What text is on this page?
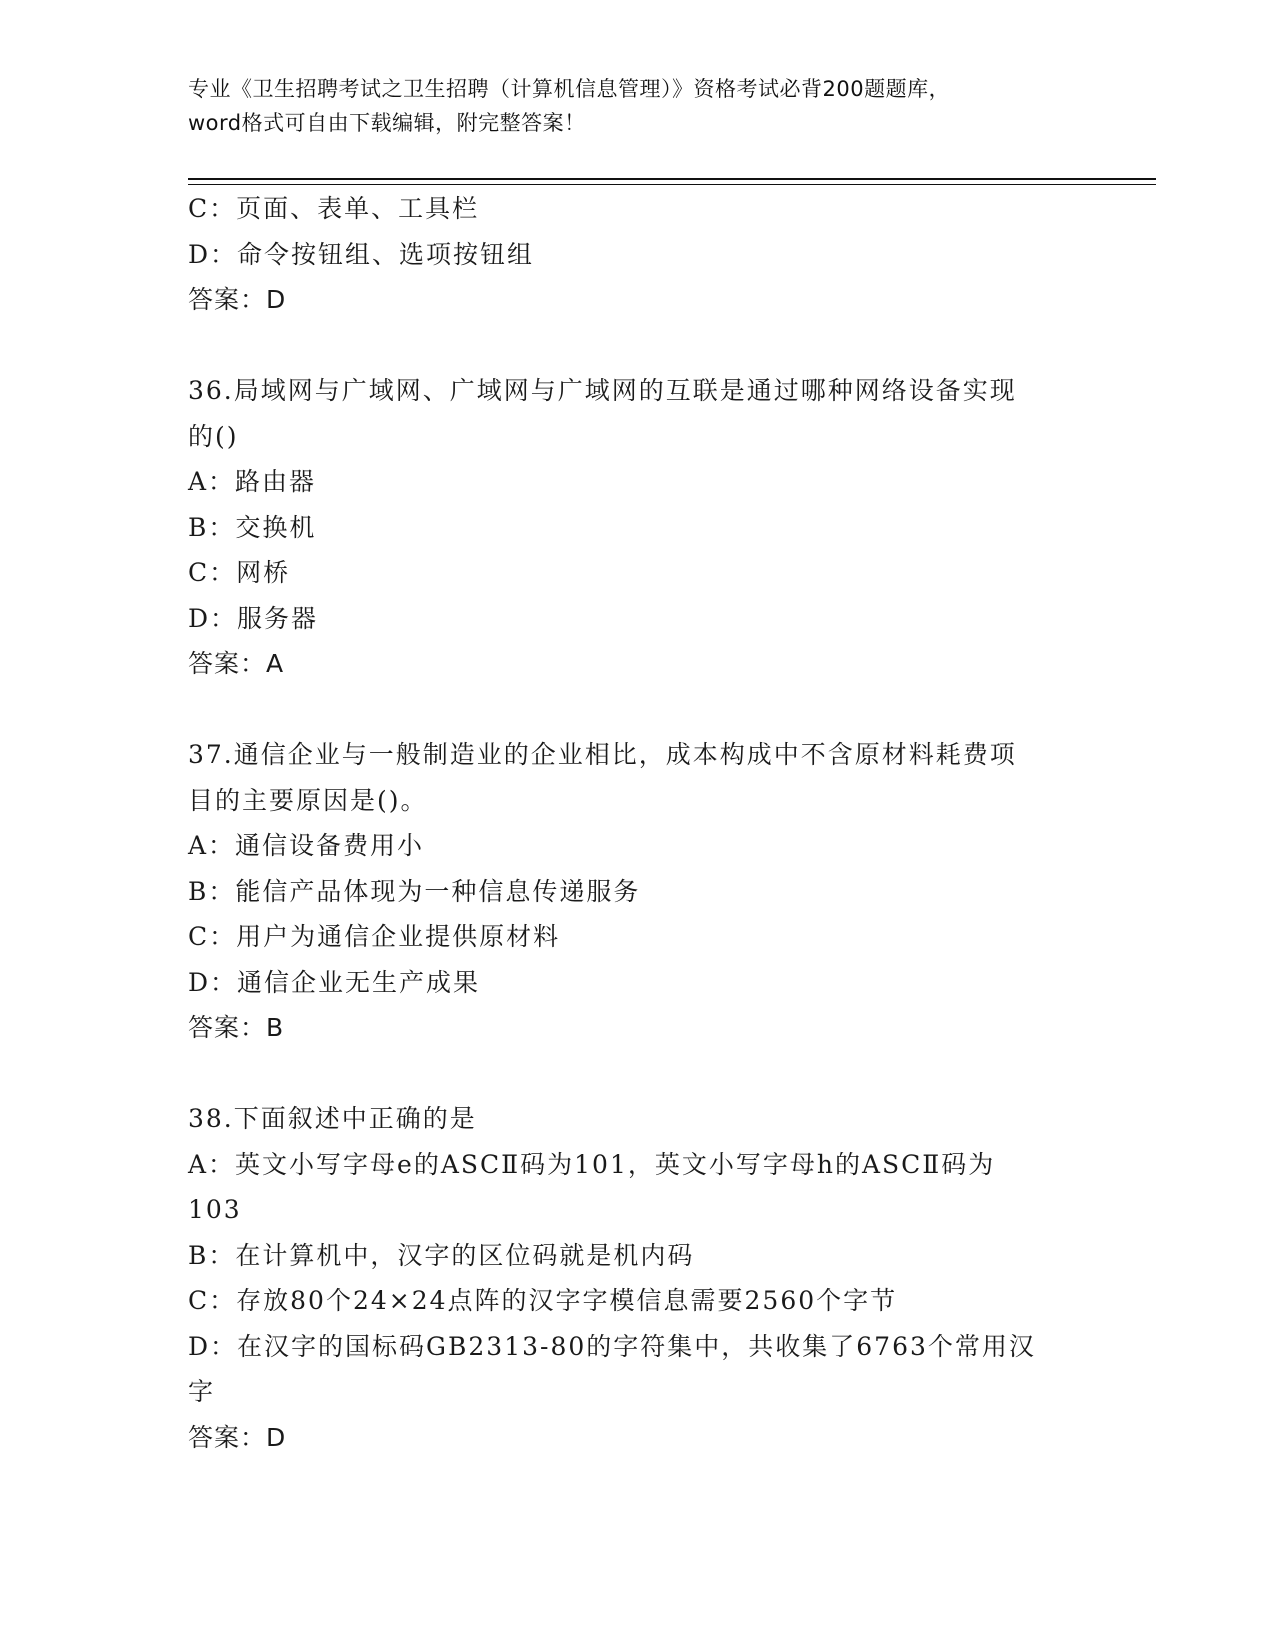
专业《卫生招聘考试之卫生招聘（计算机信息管理）》资格考试必背200题题库，
word格式可自由下载编辑，附完整答案！
C：页面、表单、工具栏
D：命令按钮组、选项按钮组
答案：D
36.局域网与广域网、广域网与广域网的互联是通过哪种网络设备实现
的()
A：路由器
B：交换机
C：网桥
D：服务器
答案：A
37.通信企业与一般制造业的企业相比，成本构成中不含原材料耗费项
目的主要原因是()。
A：通信设备费用小
B：能信产品体现为一种信息传递服务
C：用户为通信企业提供原材料
D：通信企业无生产成果
答案：B
38.下面叙述中正确的是
A：英文小写字母e的ASCⅡ码为101，英文小写字母h的ASCⅡ码为
103
B：在计算机中，汉字的区位码就是机内码
C：存放80个24×24点阵的汉字字模信息需要2560个字节
D：在汉字的国标码GB2313-80的字符集中，共收集了6763个常用汉
字
答案：D
